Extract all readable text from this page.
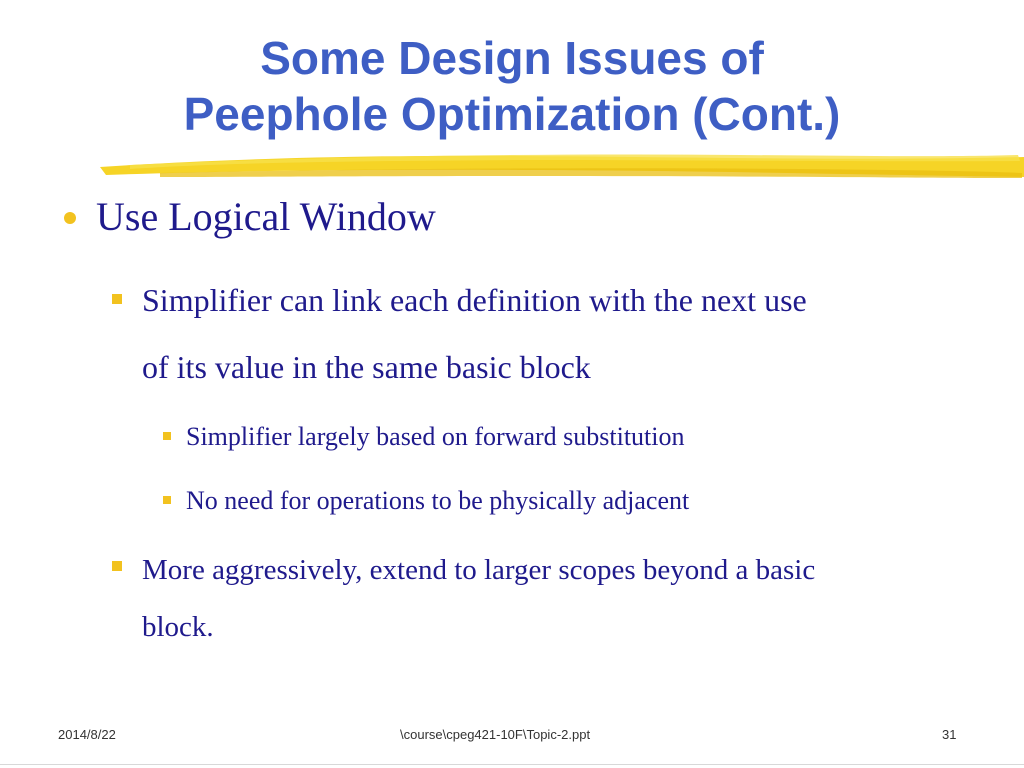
Some Design Issues of
Peephole Optimization (Cont.)

Use Logical Window

Simplifier can link each definition with the next use

of its value in the same basic block

Simplifier largely based on forward substitution

No need for operations to be physically adjacent

More aggressively, extend to larger scopes beyond a basic

block.

2014/8/22	\course\cpeg421-10F\Topic-2.ppt	31
